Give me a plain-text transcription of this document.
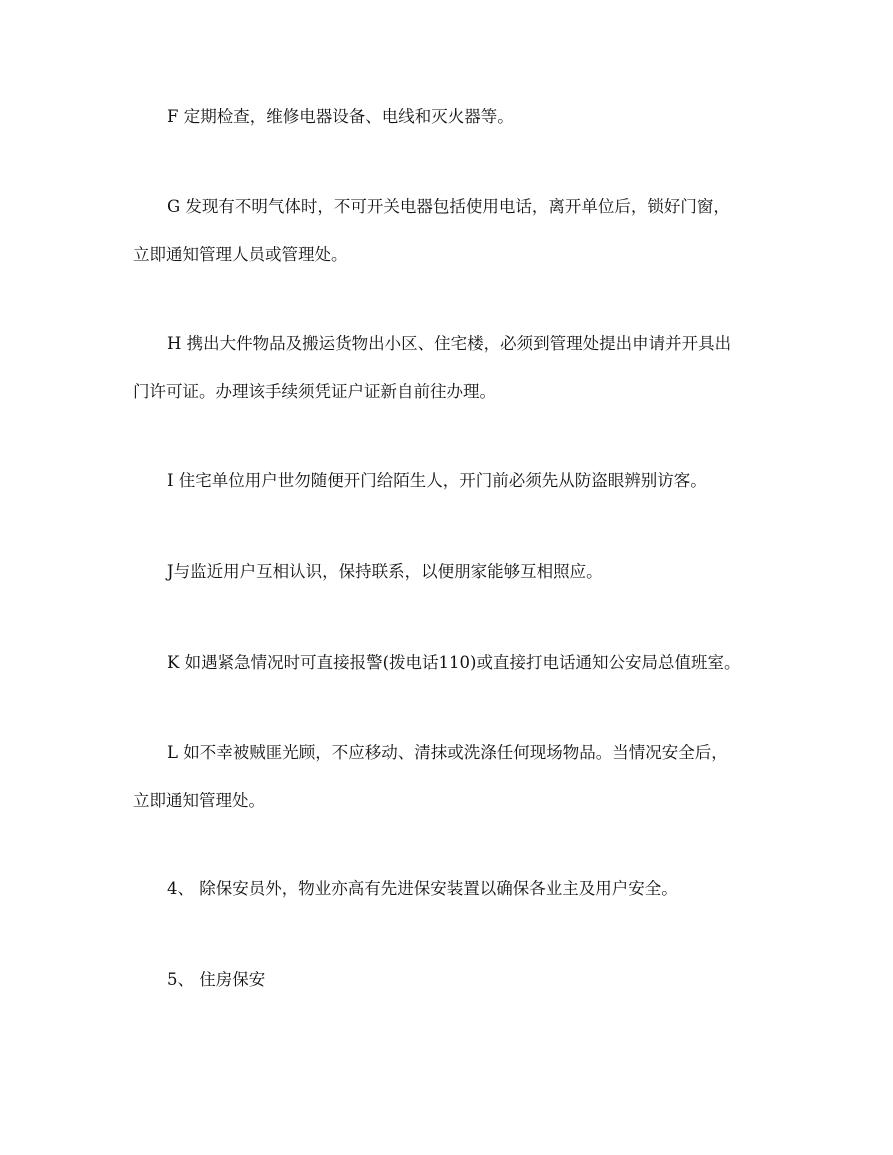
F 定期检查，维修电器设备、电线和灭火器等。

G 发现有不明气体时，不可开关电器包括使用电话，离开单位后，锁好门窗，
立即通知管理人员或管理处。

H 携出大件物品及搬运货物出小区、住宅楼，必须到管理处提出申请并开具出
门许可证。办理该手续须凭证户证新自前往办理。

I 住宅单位用户世勿随便开门给陌生人，开门前必须先从防盗眼辨别访客。

J与监近用户互相认识，保持联系，以便朋家能够互相照应。

K 如遇紧急情况时可直接报警(拨电话110)或直接打电话通知公安局总值班室。

L 如不幸被贼匪光顾，不应移动、清抹或洗涤任何现场物品。当情况安全后，
立即通知管理处。

4、 除保安员外，物业亦高有先进保安装置以确保各业主及用户安全。

5、 住房保安
